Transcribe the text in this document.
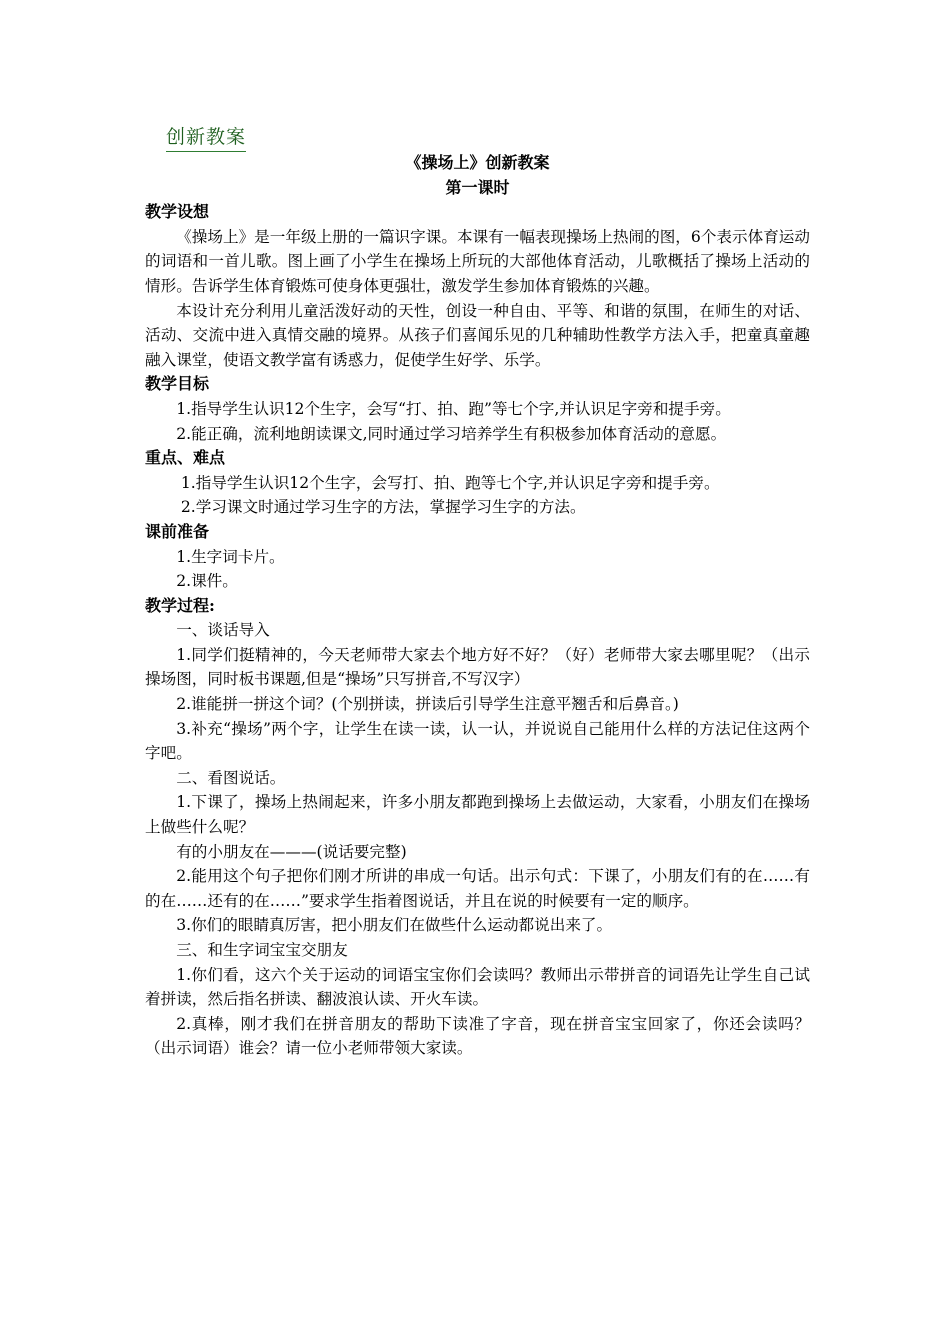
创新教案
《操场上》创新教案
第一课时
教学设想

《操场上》是一年级上册的一篇识字课。本课有一幅表现操场上热闹的图，6个表示体育运动的词语和一首儿歌。图上画了小学生在操场上所玩的大部他体育活动，儿歌概括了操场上活动的情形。告诉学生体育锻炼可使身体更强壮，激发学生参加体育锻炼的兴趣。

本设计充分利用儿童活泼好动的天性，创设一种自由、平等、和谐的氛围，在师生的对话、活动、交流中进入真情交融的境界。从孩子们喜闻乐见的几种辅助性教学方法入手，把童真童趣融入课堂，使语文教学富有诱惑力，促使学生好学、乐学。

教学目标

1.指导学生认识12个生字，会写“打、拍、跑”等七个字,并认识足字旁和提手旁。

2.能正确，流利地朗读课文,同时通过学习培养学生有积极参加体育活动的意愿。

重点、难点

1.指导学生认识12个生字，会写打、拍、跑等七个字,并认识足字旁和提手旁。

2.学习课文时通过学习生字的方法，掌握学习生字的方法。

课前准备

1.生字词卡片。

2.课件。

教学过程:

一、谈话导入

1.同学们挺精神的，今天老师带大家去个地方好不好？（好）老师带大家去哪里呢？（出示操场图，同时板书课题,但是“操场”只写拼音,不写汉字）

2.谁能拼一拼这个词？(个别拼读，拼读后引导学生注意平翘舌和后鼻音。)

3.补充“操场”两个字，让学生在读一读，认一认，并说说自己能用什么样的方法记住这两个字吧。

二、看图说话。

1.下课了，操场上热闹起来，许多小朋友都跑到操场上去做运动，大家看，小朋友们在操场上做些什么呢？

有的小朋友在———(说话要完整)

2.能用这个句子把你们刚才所讲的串成一句话。出示句式：下课了，小朋友们有的在……有的在……还有的在……”要求学生指着图说话，并且在说的时候要有一定的顺序。

3.你们的眼睛真厉害，把小朋友们在做些什么运动都说出来了。

三、和生字词宝宝交朋友

1.你们看，这六个关于运动的词语宝宝你们会读吗？教师出示带拼音的词语先让学生自己试着拼读，然后指名拼读、翻波浪认读、开火车读。

2.真棒，刚才我们在拼音朋友的帮助下读准了字音，现在拼音宝宝回家了，你还会读吗？（出示词语）谁会？请一位小老师带领大家读。
